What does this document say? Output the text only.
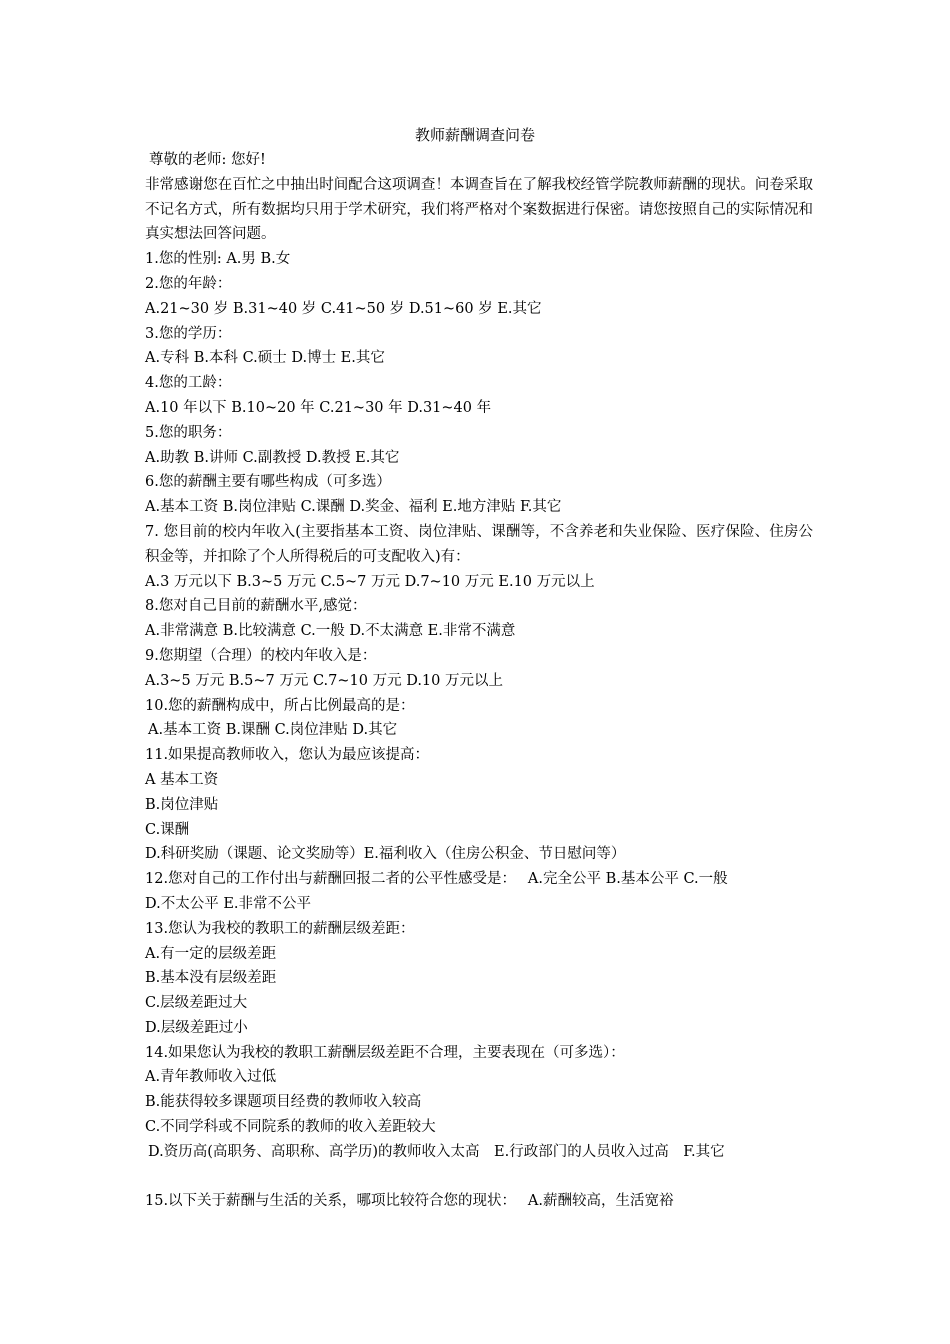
教师薪酬调查问卷
尊敬的老师: 您好!
非常感谢您在百忙之中抽出时间配合这项调查！本调查旨在了解我校经管学院教师薪酬的现状。问卷采取不记名方式，所有数据均只用于学术研究，我们将严格对个案数据进行保密。请您按照自己的实际情况和真实想法回答问题。
1.您的性别: A.男 B.女
2.您的年龄：
A.21~30 岁 B.31~40 岁 C.41~50 岁 D.51~60 岁 E.其它
3.您的学历：
A.专科 B.本科 C.硕士 D.博士 E.其它
4.您的工龄：
A.10 年以下 B.10~20 年 C.21~30 年 D.31~40 年
5.您的职务：
A.助教 B.讲师 C.副教授 D.教授 E.其它
6.您的薪酬主要有哪些构成（可多选）
A.基本工资 B.岗位津贴 C.课酬 D.奖金、福利 E.地方津贴 F.其它
7. 您目前的校内年收入(主要指基本工资、岗位津贴、课酬等，不含养老和失业保险、医疗保险、住房公积金等，并扣除了个人所得税后的可支配收入)有：
A.3 万元以下 B.3~5 万元 C.5~7 万元 D.7~10 万元 E.10 万元以上
8.您对自己目前的薪酬水平,感觉：
A.非常满意 B.比较满意 C.一般 D.不太满意 E.非常不满意
9.您期望（合理）的校内年收入是：
A.3~5 万元 B.5~7 万元 C.7~10 万元 D.10 万元以上
10.您的薪酬构成中，所占比例最高的是：
A.基本工资 B.课酬 C.岗位津贴 D.其它
11.如果提高教师收入，您认为最应该提高：
A 基本工资
B.岗位津贴
C.课酬
D.科研奖励（课题、论文奖励等）E.福利收入（住房公积金、节日慰问等）
12.您对自己的工作付出与薪酬回报二者的公平性感受是：　 A.完全公平 B.基本公平 C.一般
D.不太公平 E.非常不公平
13.您认为我校的教职工的薪酬层级差距：
A.有一定的层级差距
B.基本没有层级差距
C.层级差距过大
D.层级差距过小
14.如果您认为我校的教职工薪酬层级差距不合理，主要表现在（可多选）：
A.青年教师收入过低
B.能获得较多课题项目经费的教师收入较高
C.不同学科或不同院系的教师的收入差距较大
D.资历高(高职务、高职称、高学历)的教师收入太高　E.行政部门的人员收入过高　F.其它
15.以下关于薪酬与生活的关系，哪项比较符合您的现状：　 A.薪酬较高，生活宽裕
